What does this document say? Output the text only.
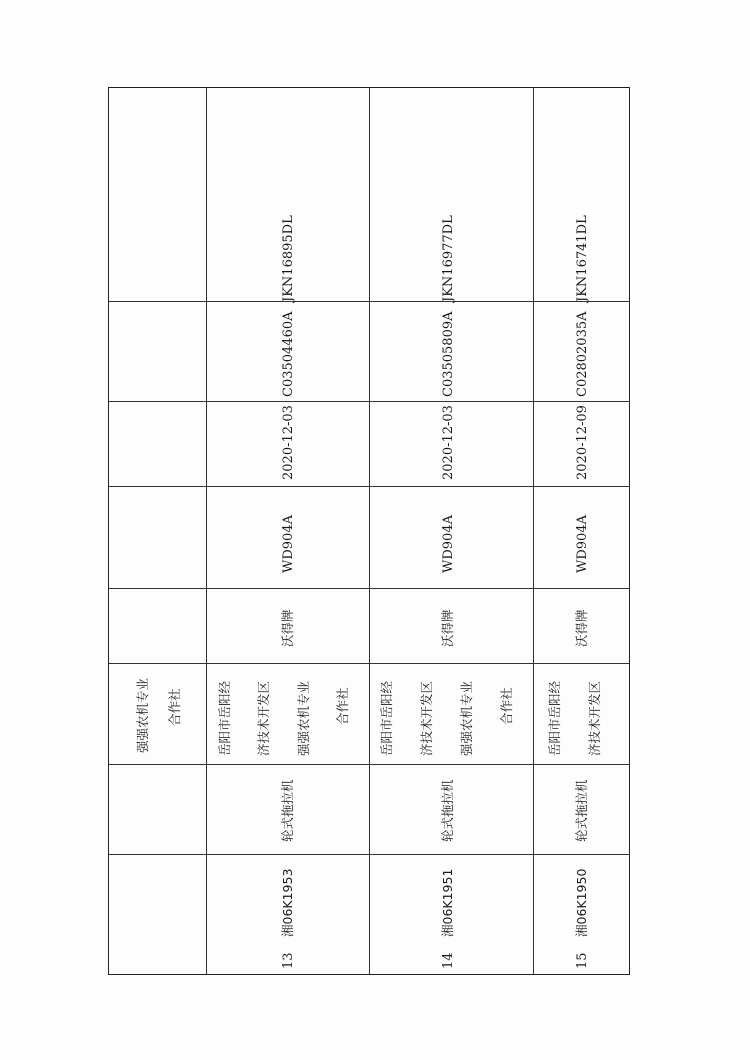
强强农机专业 合作社
13
湘06K1953
轮式拖拉机
岳阳市岳阳经 济技术开发区 强强农机专业 合作社
沃得牌
WD904A
2020-12-03
C03504460A
JKN16895DL
14
湘06K1951
轮式拖拉机
岳阳市岳阳经 济技术开发区 强强农机专业 合作社
沃得牌
WD904A
2020-12-03
C03505809A
JKN16977DL
15
湘06K1950
轮式拖拉机
岳阳市岳阳经 济技术开发区
沃得牌
WD904A
2020-12-09
C02802035A
JKN16741DL
